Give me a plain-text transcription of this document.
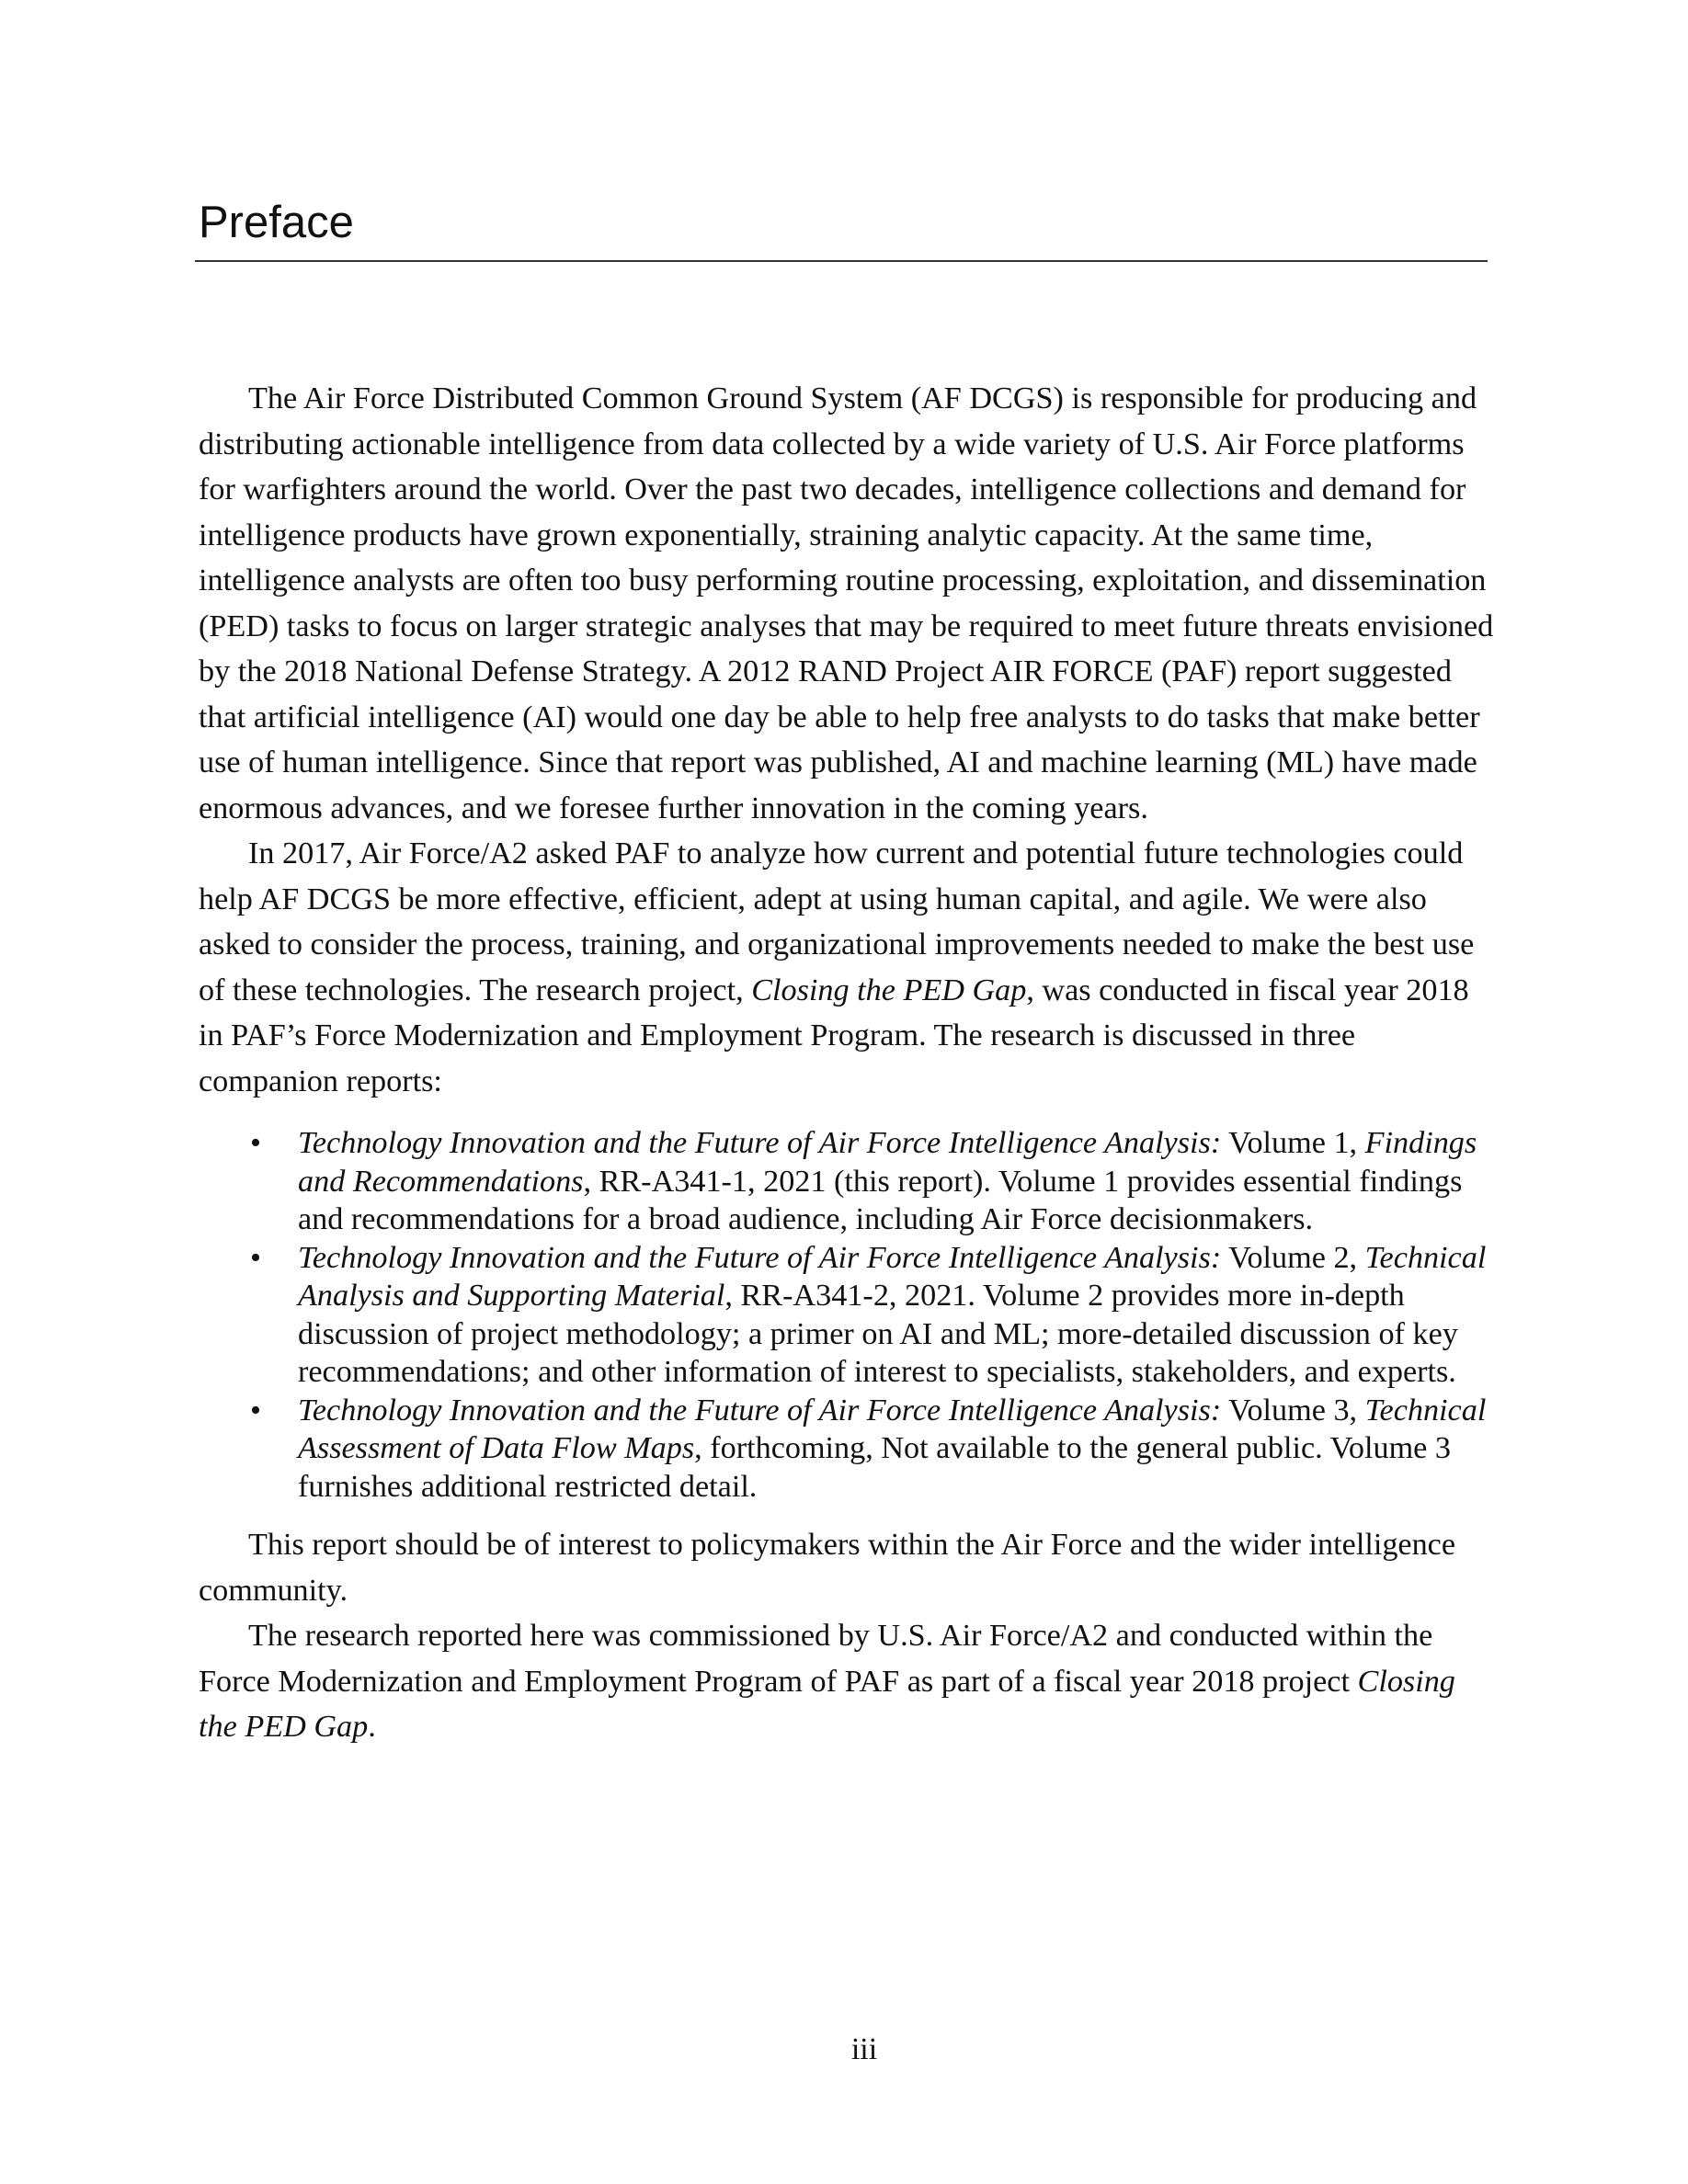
Preface

The Air Force Distributed Common Ground System (AF DCGS) is responsible for producing and distributing actionable intelligence from data collected by a wide variety of U.S. Air Force platforms for warfighters around the world. Over the past two decades, intelligence collections and demand for intelligence products have grown exponentially, straining analytic capacity. At the same time, intelligence analysts are often too busy performing routine processing, exploitation, and dissemination (PED) tasks to focus on larger strategic analyses that may be required to meet future threats envisioned by the 2018 National Defense Strategy. A 2012 RAND Project AIR FORCE (PAF) report suggested that artificial intelligence (AI) would one day be able to help free analysts to do tasks that make better use of human intelligence. Since that report was published, AI and machine learning (ML) have made enormous advances, and we foresee further innovation in the coming years.

In 2017, Air Force/A2 asked PAF to analyze how current and potential future technologies could help AF DCGS be more effective, efficient, adept at using human capital, and agile. We were also asked to consider the process, training, and organizational improvements needed to make the best use of these technologies. The research project, Closing the PED Gap, was conducted in fiscal year 2018 in PAF’s Force Modernization and Employment Program. The research is discussed in three companion reports:

• Technology Innovation and the Future of Air Force Intelligence Analysis: Volume 1, Findings and Recommendations, RR-A341-1, 2021 (this report). Volume 1 provides essential findings and recommendations for a broad audience, including Air Force decisionmakers.
• Technology Innovation and the Future of Air Force Intelligence Analysis: Volume 2, Technical Analysis and Supporting Material, RR-A341-2, 2021. Volume 2 provides more in-depth discussion of project methodology; a primer on AI and ML; more-detailed discussion of key recommendations; and other information of interest to specialists, stakeholders, and experts.
• Technology Innovation and the Future of Air Force Intelligence Analysis: Volume 3, Technical Assessment of Data Flow Maps, forthcoming, Not available to the general public. Volume 3 furnishes additional restricted detail.

This report should be of interest to policymakers within the Air Force and the wider intelligence community.

The research reported here was commissioned by U.S. Air Force/A2 and conducted within the Force Modernization and Employment Program of PAF as part of a fiscal year 2018 project Closing the PED Gap.

iii
